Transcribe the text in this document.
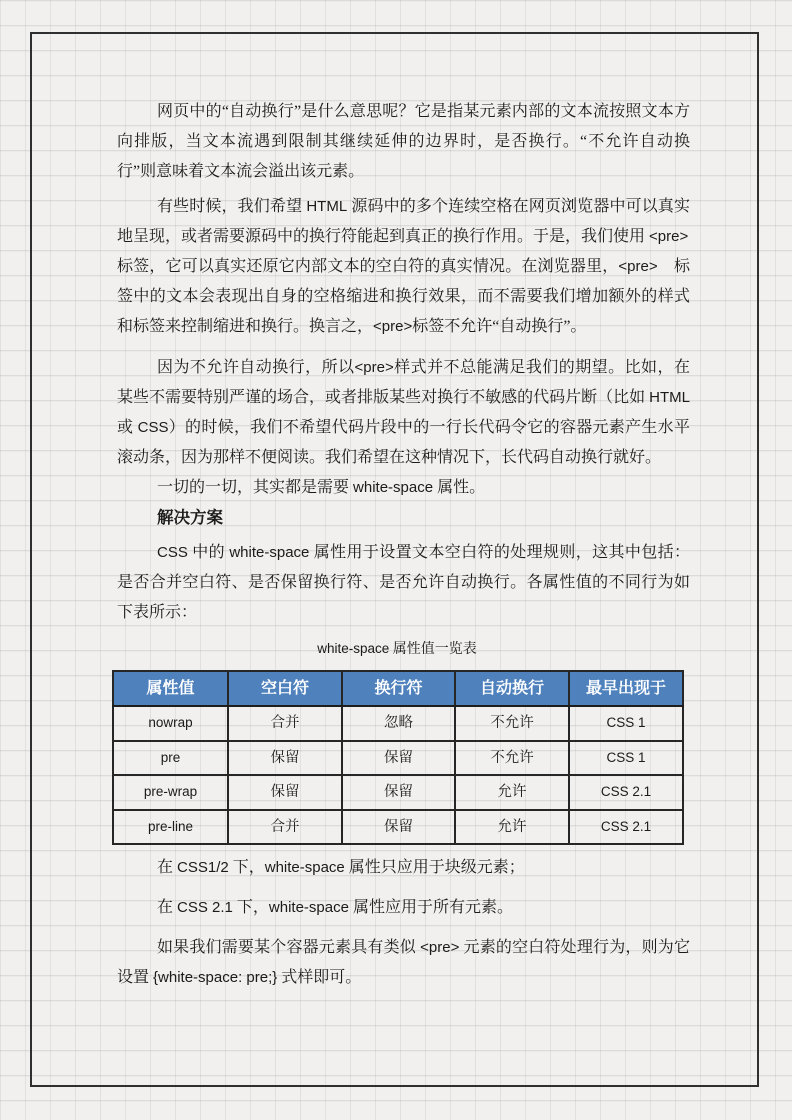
网页中的“自动换行”是什么意思呢？它是指某元素内部的文本流按照文本方向排版，当文本流遇到限制其继续延伸的边界时，是否换行。“不允许自动换行”则意味着文本流会溢出该元素。

有些时候，我们希望 HTML 源码中的多个连续空格在网页浏览器中可以真实地呈现，或者需要源码中的换行符能起到真正的换行作用。于是，我们使用 <pre>　标签，它可以真实还原它内部文本的空白符的真实情况。在浏览器里，<pre>　标签中的文本会表现出自身的空格缩进和换行效果，而不需要我们增加额外的样式和标签来控制缩进和换行。换言之，<pre>标签不允许“自动换行”。

因为不允许自动换行，所以<pre>样式并不总能满足我们的期望。比如，在某些不需要特别严谨的场合，或者排版某些对换行不敏感的代码片断（比如 HTML 或 CSS）的时候，我们不希望代码片段中的一行长代码令它的容器元素产生水平滚动条，因为那样不便阅读。我们希望在这种情况下，长代码自动换行就好。

一切的一切，其实都是需要 white-space 属性。

解决方案

CSS 中的 white-space 属性用于设置文本空白符的处理规则，这其中包括：是否合并空白符、是否保留换行符、是否允许自动换行。各属性值的不同行为如下表所示：

white-space 属性值一览表
属性值	空白符	换行符	自动换行	最早出现于
nowrap	合并	忽略	不允许	CSS 1
pre	保留	保留	不允许	CSS 1
pre-wrap	保留	保留	允许	CSS 2.1
pre-line	合并	保留	允许	CSS 2.1

在 CSS1/2 下，white-space 属性只应用于块级元素；

在 CSS 2.1 下，white-space 属性应用于所有元素。

如果我们需要某个容器元素具有类似 <pre> 元素的空白符处理行为，则为它设置 {white-space: pre;} 式样即可。
